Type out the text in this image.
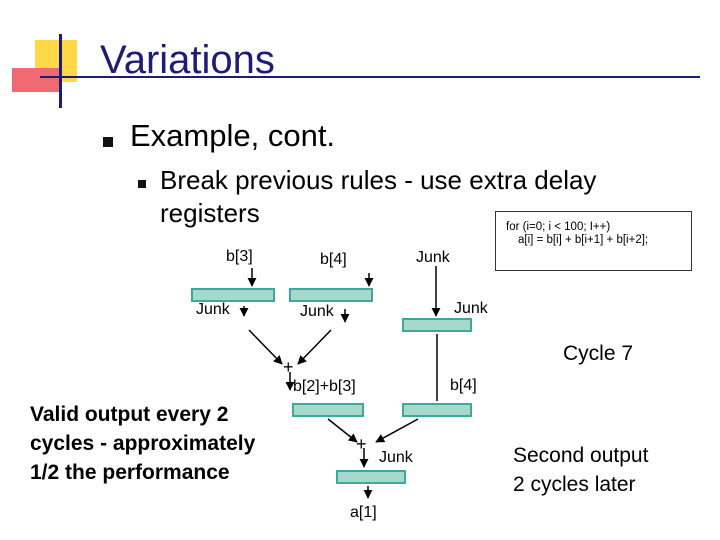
Variations
Example, cont.
Break previous rules - use extra delay registers	for (i=0; i < 100; I++)
a[i] = b[i] + b[i+1] + b[i+2];
b[3]	b[4]	Junk
Junk	Junk	Junk
+
b[2]+b[3]	b[4]
+
Junk
a[1]
Cycle 7
Valid output every 2 cycles - approximately 1/2 the performance
Second output
2 cycles later
